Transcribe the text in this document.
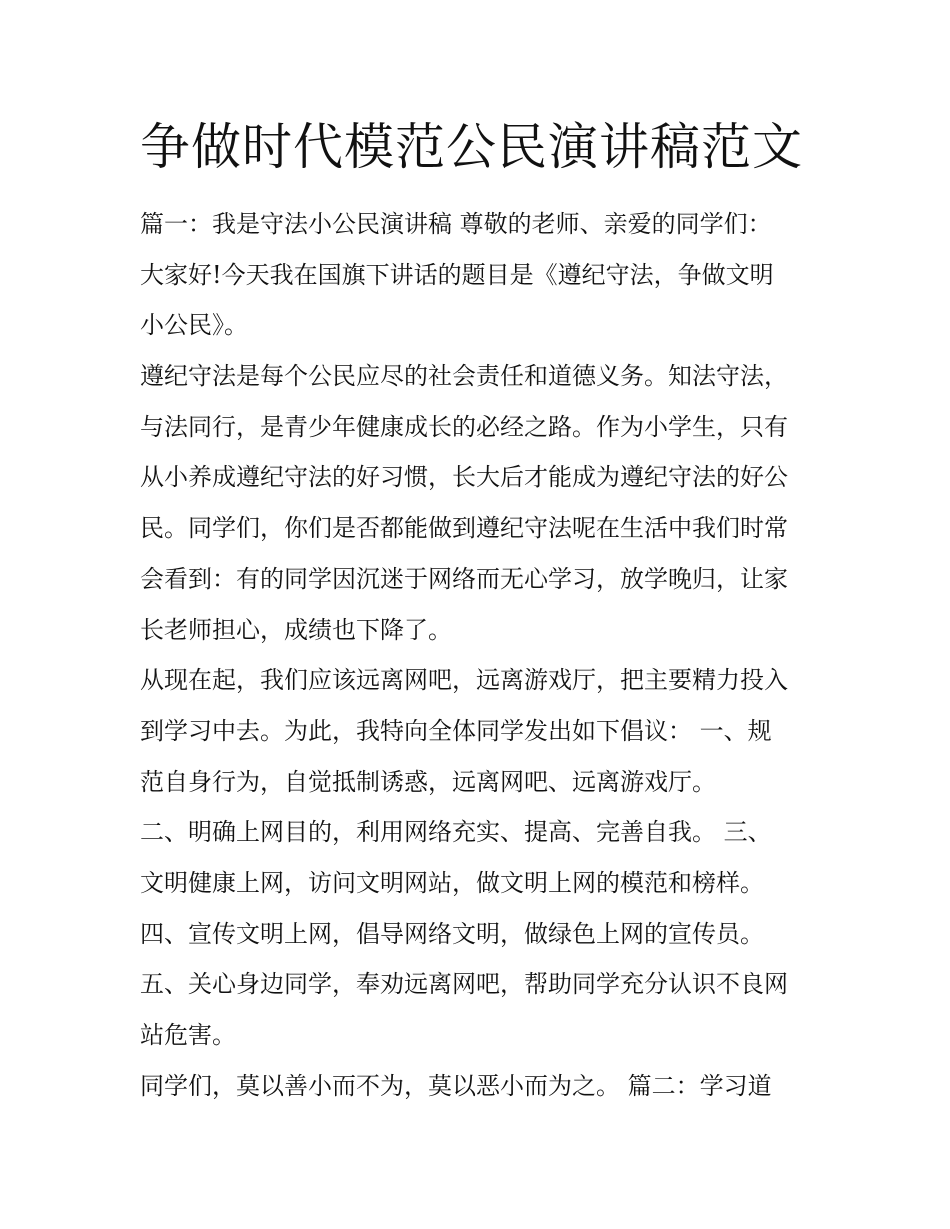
争做时代模范公民演讲稿范文
篇一：我是守法小公民演讲稿 尊敬的老师、亲爱的同学们：
大家好!今天我在国旗下讲话的题目是《遵纪守法，争做文明
小公民》。
遵纪守法是每个公民应尽的社会责任和道德义务。知法守法，
与法同行，是青少年健康成长的必经之路。作为小学生，只有
从小养成遵纪守法的好习惯，长大后才能成为遵纪守法的好公
民。同学们，你们是否都能做到遵纪守法呢在生活中我们时常
会看到：有的同学因沉迷于网络而无心学习，放学晚归，让家
长老师担心，成绩也下降了。
从现在起，我们应该远离网吧，远离游戏厅，把主要精力投入
到学习中去。为此，我特向全体同学发出如下倡议： 一、规
范自身行为，自觉抵制诱惑，远离网吧、远离游戏厅。
二、明确上网目的，利用网络充实、提高、完善自我。 三、
文明健康上网，访问文明网站，做文明上网的模范和榜样。
四、宣传文明上网，倡导网络文明，做绿色上网的宣传员。
五、关心身边同学，奉劝远离网吧，帮助同学充分认识不良网
站危害。
同学们，莫以善小而不为，莫以恶小而为之。 篇二：学习道
